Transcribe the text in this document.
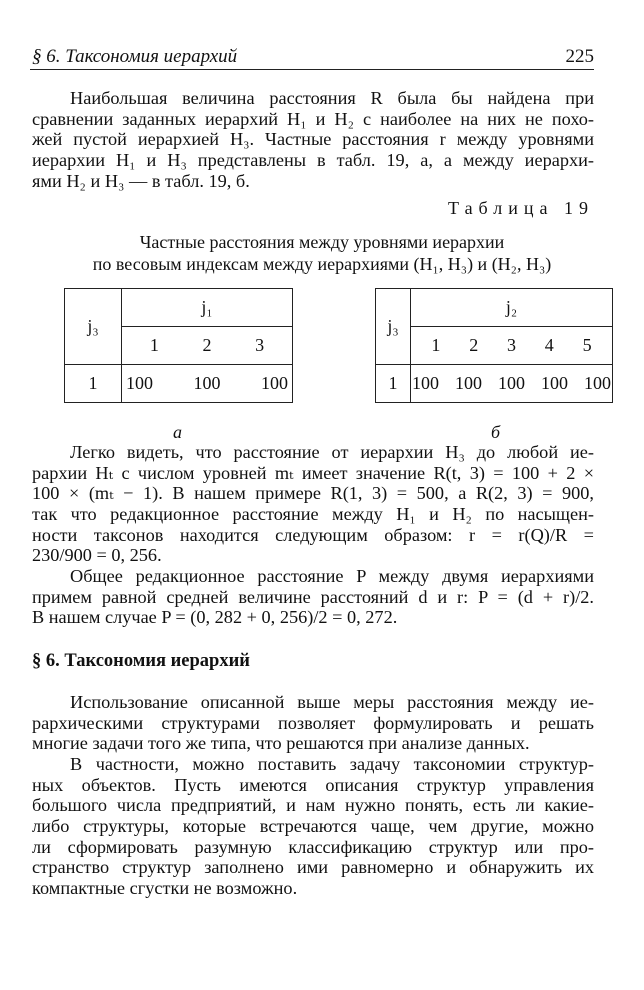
§ 6. Таксономия иерархий	225
Наибольшая величина расстояния R была бы найдена при
сравнении заданных иерархий H₁ и H₂ с наиболее на них не похо-
жей пустой иерархией H₃. Частные расстояния r между уровнями
иерархии H₁ и H₃ представлены в табл. 19, а, а между иерархи-
ями H₂ и H₃ — в табл. 19, б.
Таблица 19
Частные расстояния между уровнями иерархии
по весовым индексам между иерархиями (H₁, H₃) и (H₂, H₃)
j₃	j₁

	1 2 3

1	100 100 100
j₃	j₂

	1 2 3 4 5

1	100 100 100 100 100
а	б
Легко видеть, что расстояние от иерархии H₃ до любой ие-
рархии Hₜ с числом уровней mₜ имеет значение R(t, 3) = 100 + 2 ×
100 × (mₜ − 1). В нашем примере R(1, 3) = 500, а R(2, 3) = 900,
так что редакционное расстояние между H₁ и H₂ по насыщен-
ности таксонов находится следующим образом: r = r(Q)/R =
230/900 = 0, 256.
Общее редакционное расстояние P между двумя иерархиями
примем равной средней величине расстояний d и r: P = (d + r)/2.
В нашем случае P = (0, 282 + 0, 256)/2 = 0, 272.
§ 6. Таксономия иерархий
Использование описанной выше меры расстояния между ие-
рархическими структурами позволяет формулировать и решать
многие задачи того же типа, что решаются при анализе данных.
В частности, можно поставить задачу таксономии структур-
ных объектов. Пусть имеются описания структур управления
большого числа предприятий, и нам нужно понять, есть ли какие-
либо структуры, которые встречаются чаще, чем другие, можно
ли сформировать разумную классификацию структур или про-
странство структур заполнено ими равномерно и обнаружить их
компактные сгустки не возможно.
